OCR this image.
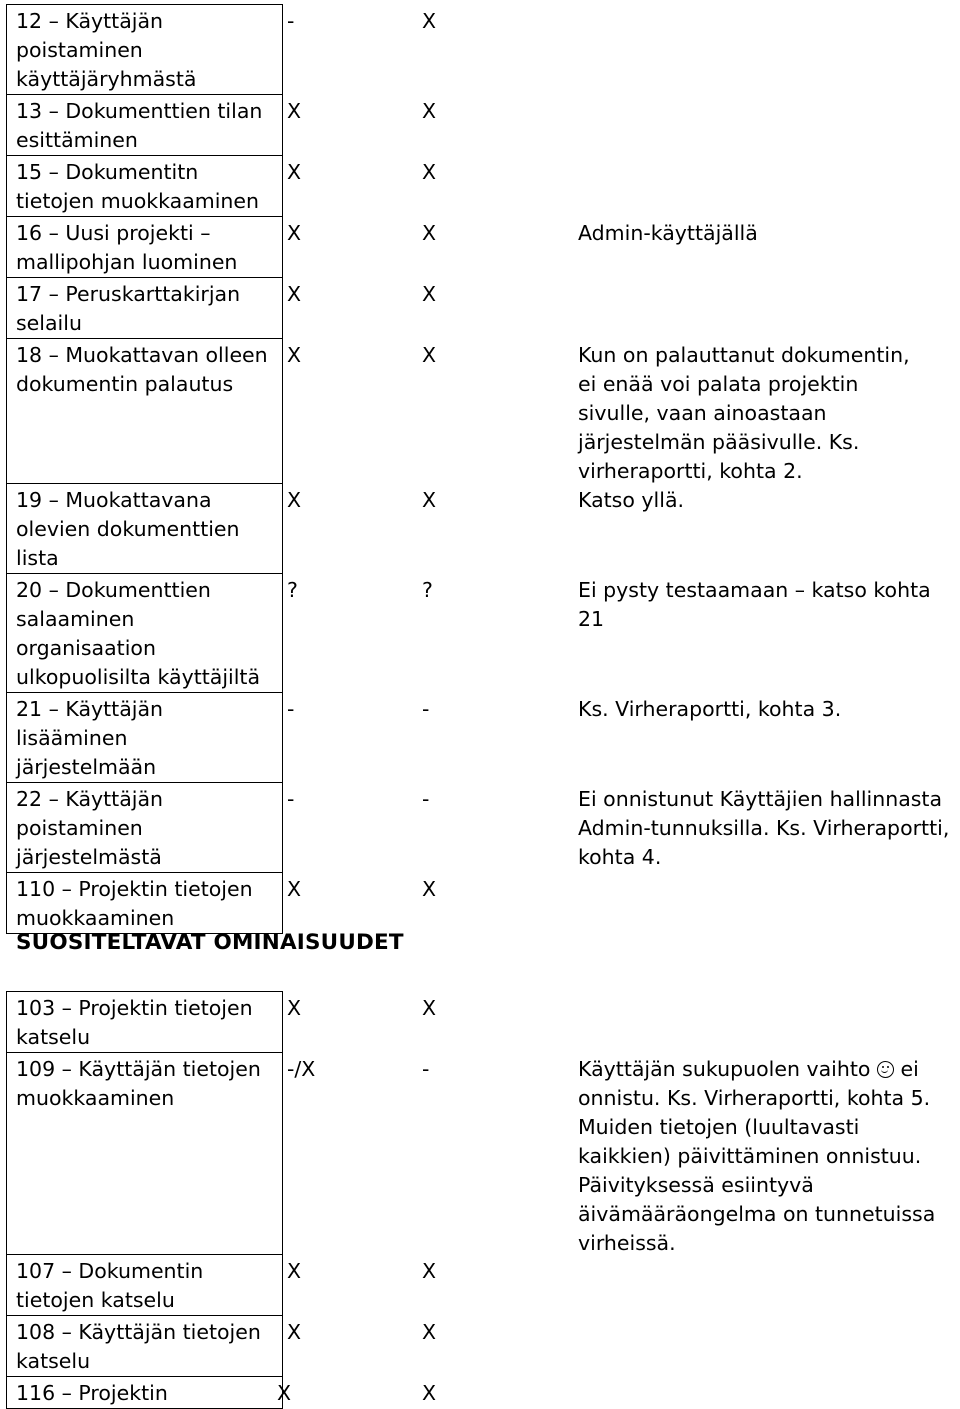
12 – Käyttäjän poistaminen käyttäjäryhmästä	- X

13 – Dokumenttien tilan esittäminen	X X

15 – Dokumentitn tietojen muokkaaminen	X X

16 – Uusi projekti – mallipohjan luominen	X X Admin-käyttäjällä

17 – Peruskarttakirjan selailu	X X

18 – Muokattavan olleen dokumentin palautus	X X Kun on palauttanut dokumentin, ei enää voi palata projektin sivulle, vaan ainoastaan järjestelmän pääsivulle. Ks. virheraportti, kohta 2.

19 – Muokattavana olevien dokumenttien lista	X X Katso yllä.

20 – Dokumenttien salaaminen organisaation ulkopuolisilta käyttäjiltä	? ? Ei pysty testaamaan – katso kohta 21

21 – Käyttäjän lisääminen järjestelmään	- - Ks. Virheraportti, kohta 3.

22 – Käyttäjän poistaminen järjestelmästä	- - Ei onnistunut Käyttäjien hallinnasta Admin-tunnuksilla. Ks. Virheraportti, kohta 4.

110 – Projektin tietojen muokkaaminen	X X
SUOSITELTAVAT OMINAISUUDET
103 – Projektin tietojen katselu	X X

109 – Käyttäjän tietojen muokkaaminen	-/X - Käyttäjän sukupuolen vaihto ei onnistu. Ks. Virheraportti, kohta 5. Muiden tietojen (luultavasti kaikkien) päivittäminen onnistuu. Päivityksessä esiintyvä äivämääräongelma on tunnetuissa virheissä.

107 – Dokumentin tietojen katselu	X X

108 – Käyttäjän tietojen katselu	X X

116 – Projektin	X X
